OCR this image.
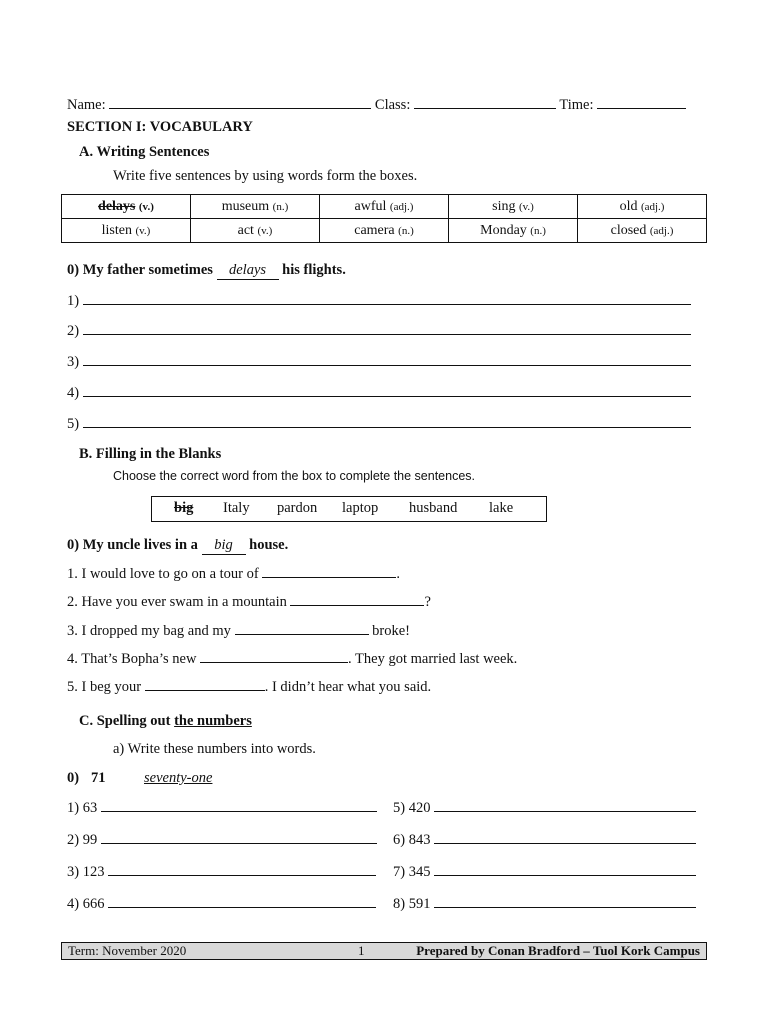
Name:	Class:	Time:
SECTION I: VOCABULARY
A. Writing Sentences
Write five sentences by using words form the boxes.
delays (v.)	museum (n.)	awful (adj.)	sing (v.)	old (adj.)
listen (v.)	act (v.)	camera (n.)	Monday (n.)	closed (adj.)
0) My father sometimes delays his flights.
1)
2)
3)
4)
5)
B. Filling in the Blanks
Choose the correct word from the box to complete the sentences.
big Italy pardon laptop husband lake
0) My uncle lives in a big house.
1. I would love to go on a tour of	.
2. Have you ever swam in a mountain	?
3. I dropped my bag and my	broke!
4. That’s Bopha’s new	. They got married last week.
5. I beg your	. I didn’t hear what you said.
C. Spelling out the numbers
a) Write these numbers into words.
0) 71	seventy-one
1) 63
2) 99
3) 123
4) 666
5) 420
6) 843
7) 345
8) 591
Term: November 2020	1	Prepared by Conan Bradford – Tuol Kork Campus
